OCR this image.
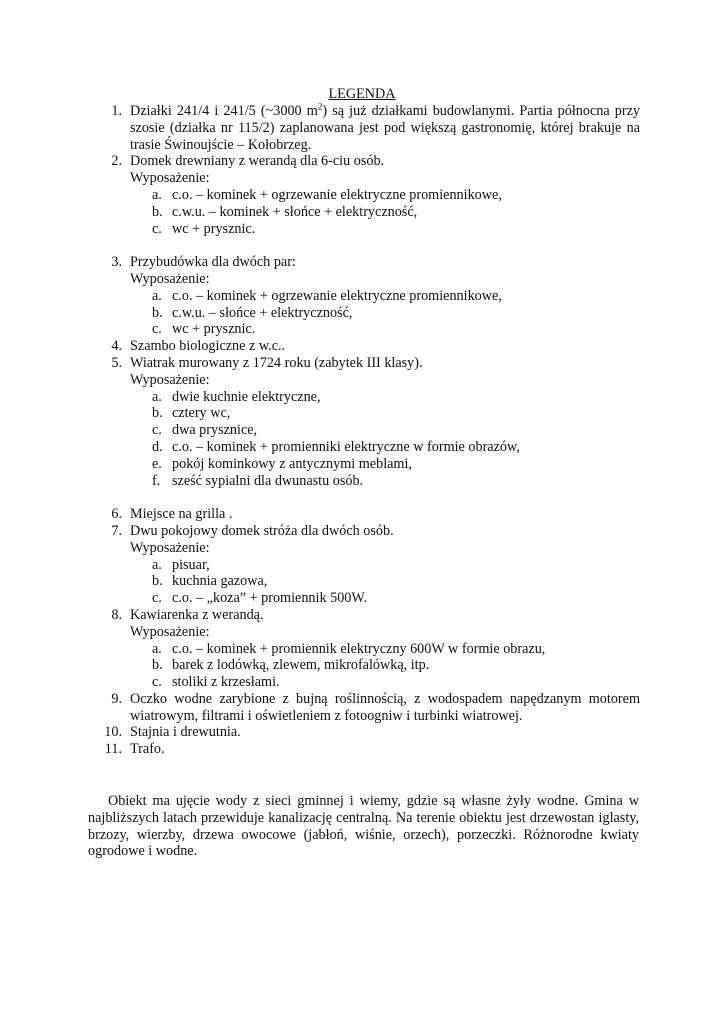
LEGENDA
1. Działki 241/4 i 241/5 (~3000 $m^2$) są już działkami budowlanymi. Partia północna przy szosie (działka nr 115/2) zaplanowana jest pod większą gastronomię, której brakuje na trasie Świnoujście – Kołobrzeg.
2. Domek drewniany z werandą dla 6-ciu osób.
Wyposażenie:
a. c.o. – kominek + ogrzewanie elektryczne promiennikowe,
b. c.w.u. – kominek + słońce + elektryczność,
c. wc + prysznic.
3. Przybudówka dla dwóch par:
Wyposażenie:
a. c.o. – kominek + ogrzewanie elektryczne promiennikowe,
b. c.w.u. – słońce + elektryczność,
c. wc + prysznic.
4. Szambo biologiczne z w.c..
5. Wiatrak murowany z 1724 roku (zabytek III klasy).
Wyposażenie:
a. dwie kuchnie elektryczne,
b. cztery wc,
c. dwa prysznice,
d. c.o. – kominek + promienniki elektryczne w formie obrazów,
e. pokój kominkowy z antycznymi meblami,
f. sześć sypialni dla dwunastu osób.
6. Miejsce na grilla .
7. Dwu pokojowy domek stróża dla dwóch osób.
Wyposażenie:
a. pisuar,
b. kuchnia gazowa,
c. c.o. – „koza” + promiennik 500W.
8. Kawiarenka z werandą.
Wyposażenie:
a. c.o. – kominek + promiennik elektryczny 600W w formie obrazu,
b. barek z lodówką, zlewem, mikrofalówką, itp.
c. stoliki z krzesłami.
9. Oczko wodne zarybione z bujną roślinnością, z wodospadem napędzanym motorem wiatrowym, filtrami i oświetleniem z fotoogniw i turbinki wiatrowej.
10. Stajnia i drewutnia.
11. Trafo.
Obiekt ma ujęcie wody z sieci gminnej i wiemy, gdzie są własne żyły wodne. Gmina w najbliższych latach przewiduje kanalizację centralną. Na terenie obiektu jest drzewostan iglasty, brzozy, wierzby, drzewa owocowe (jabłoń, wiśnie, orzech), porzeczki. Różnorodne kwiaty ogrodowe i wodne.
